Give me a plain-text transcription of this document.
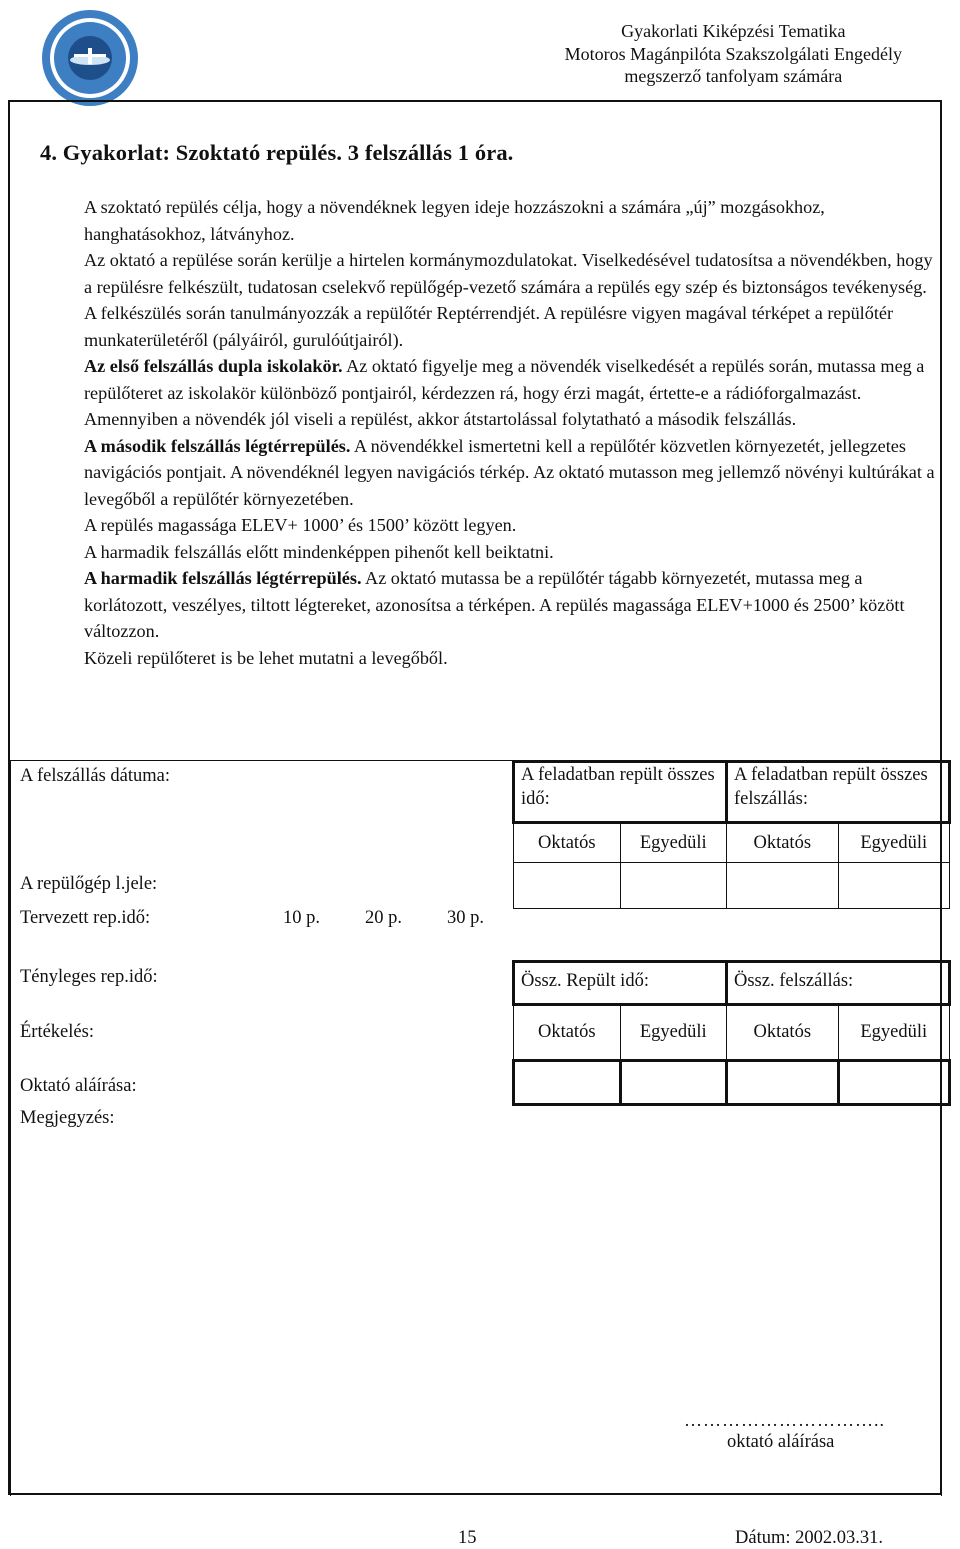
Gyakorlati Kiképzési Tematika
Motoros Magánpilóta Szakszolgálati Engedély
megszerző tanfolyam számára
4. Gyakorlat: Szoktató repülés. 3 felszállás 1 óra.

A szoktató repülés célja, hogy a növendéknek legyen ideje hozzászokni a számára „új” mozgásokhoz, hanghatásokhoz, látványhoz.

Az oktató a repülése során kerülje a hirtelen kormánymozdulatokat. Viselkedésével tudatosítsa a növendékben, hogy a repülésre felkészült, tudatosan cselekvő repülőgép-vezető számára a repülés egy szép és biztonságos tevékenység.

A felkészülés során tanulmányozzák a repülőtér Reptérrendjét. A repülésre vigyen magával térképet a repülőtér munkaterületéről (pályáiról, gurulóútjairól).

Az első felszállás dupla iskolakör. Az oktató figyelje meg a növendék viselkedését a repülés során, mutassa meg a repülőteret az iskolakör különböző pontjairól, kérdezzen rá, hogy érzi magát, értette-e a rádióforgalmazást. Amennyiben a növendék jól viseli a repülést, akkor átstartolással folytatható a második felszállás.

A második felszállás légtérrepülés. A növendékkel ismertetni kell a repülőtér közvetlen környezetét, jellegzetes navigációs pontjait. A növendéknél legyen navigációs térkép. Az oktató mutasson meg jellemző növényi kultúrákat a levegőből a repülőtér környezetében.

A repülés magassága ELEV+ 1000’ és 1500’ között legyen.

A harmadik felszállás előtt mindenképpen pihenőt kell beiktatni.

A harmadik felszállás légtérrepülés. Az oktató mutassa be a repülőtér tágabb környezetét, mutassa meg a korlátozott, veszélyes, tiltott légtereket, azonosítsa a térképen. A repülés magassága ELEV+1000 és 2500’ között változzon.

Közeli repülőteret is be lehet mutatni a levegőből.

A felszállás dátuma:
A repülőgép l.jele:
Tervezett rep.idő:	10 p. 20 p. 30 p.
Tényleges rep.idő:
Értékelés:
Oktató aláírása:
Megjegyzés:
A feladatban repült összes idő:		A feladatban repült összes felszállás:	
Oktatós	Egyedüli	Oktatós	Egyedüli

Össz. Repült idő:		Össz. felszállás:	
Oktatós	Egyedüli	Oktatós	Egyedüli

…………………………..
oktató aláírása
15	Dátum: 2002.03.31.
